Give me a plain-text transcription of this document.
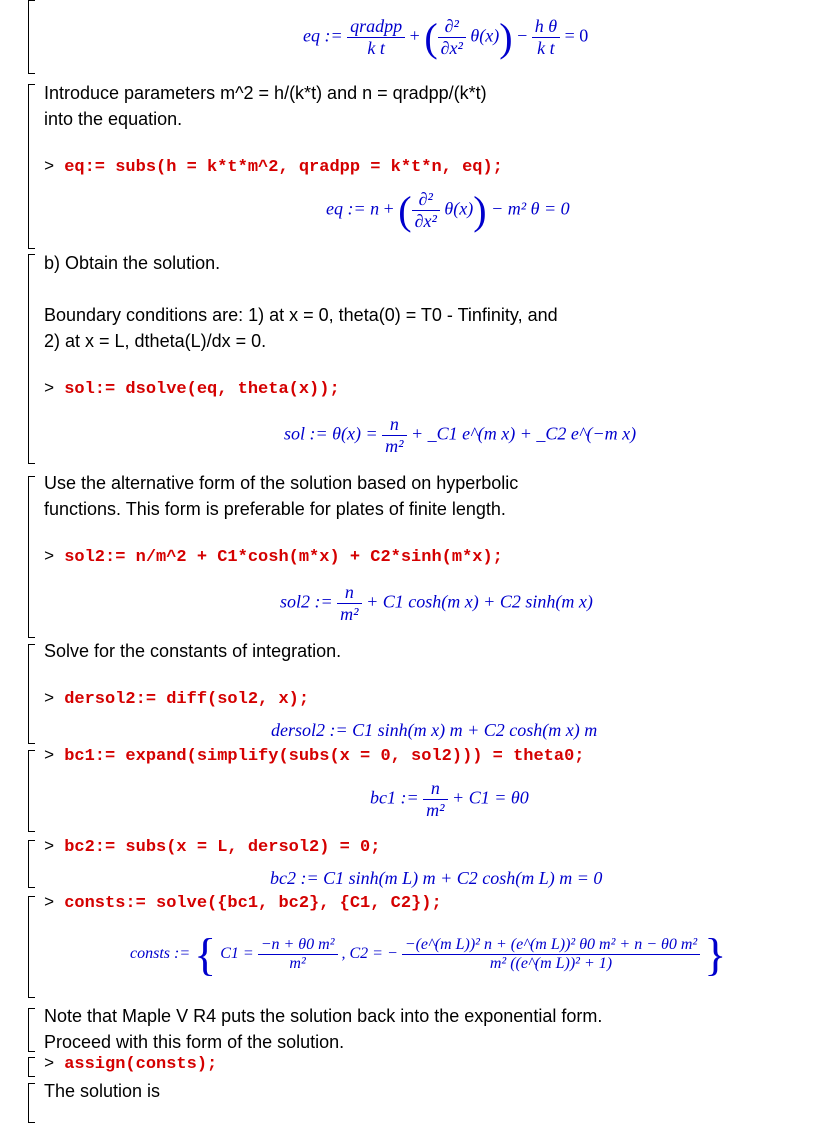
eq := $\frac{\text{qradpp}}{\text{k t}}$ + ( $\frac{\text{∂²}}{\text{∂x²}} \theta(x)) - \frac{\text{h θ}}{\text{k t}} = 0$
Introduce parameters m^2 = h/(k*t) and n = qradpp/(k*t)
into the equation.
> eq:= subs(h = k*t*m^2, qradpp = k*t*n, eq);
eq := n + ( $\frac{\text{∂²}}{\text{∂x²}} \theta(x)) - m^2$ θ = 0
b) Obtain the solution.
Boundary conditions are: 1) at x = 0, theta(0) = T0 - Tinfinity, and
2) at x = L, dtheta(L)/dx = 0.
> sol:= dsolve(eq, theta(x));
sol := $\theta(x) = \frac{n}{\text{m²}}$ + _C1 e^(m x) + _C2 e^(−m x)
Use the alternative form of the solution based on hyperbolic
functions. This form is preferable for plates of finite length.
> sol2:= n/m^2 + C1*cosh(m*x) + C2*sinh(m*x);
sol2 := $\frac{n}{\text{m²}} + C1$ cosh(m x) + C2 sinh(m x)
Solve for the constants of integration.
> dersol2:= diff(sol2, x);
dersol2 := C1 sinh(m x) m + C2 cosh(m x) m
> bc1:= expand(simplify(subs(x = 0, sol2))) = theta0;
bc1 := $\frac{n}{\text{m²}} + C1 = \theta 0$
> bc2:= subs(x = L, dersol2) = 0;
bc2 := C1 sinh(m L) m + C2 cosh(m L) m = 0
> consts:= solve({bc1, bc2}, {C1, C2});
consts := { $C1 = \frac{\text{−n + θ0 m²}}{\text{m²}}$ , C2 = − $\frac{\text{−(e\textasciicircum{}(m L))² n + (e\textasciicircum{}(m L))² θ0 m² + n − θ0 m²}}{\text{m² ((e\textasciicircum{}(m L))² + 1)}}$ }
Note that Maple V R4 puts the solution back into the exponential form.
Proceed with this form of the solution.
> assign(consts);
The solution is
